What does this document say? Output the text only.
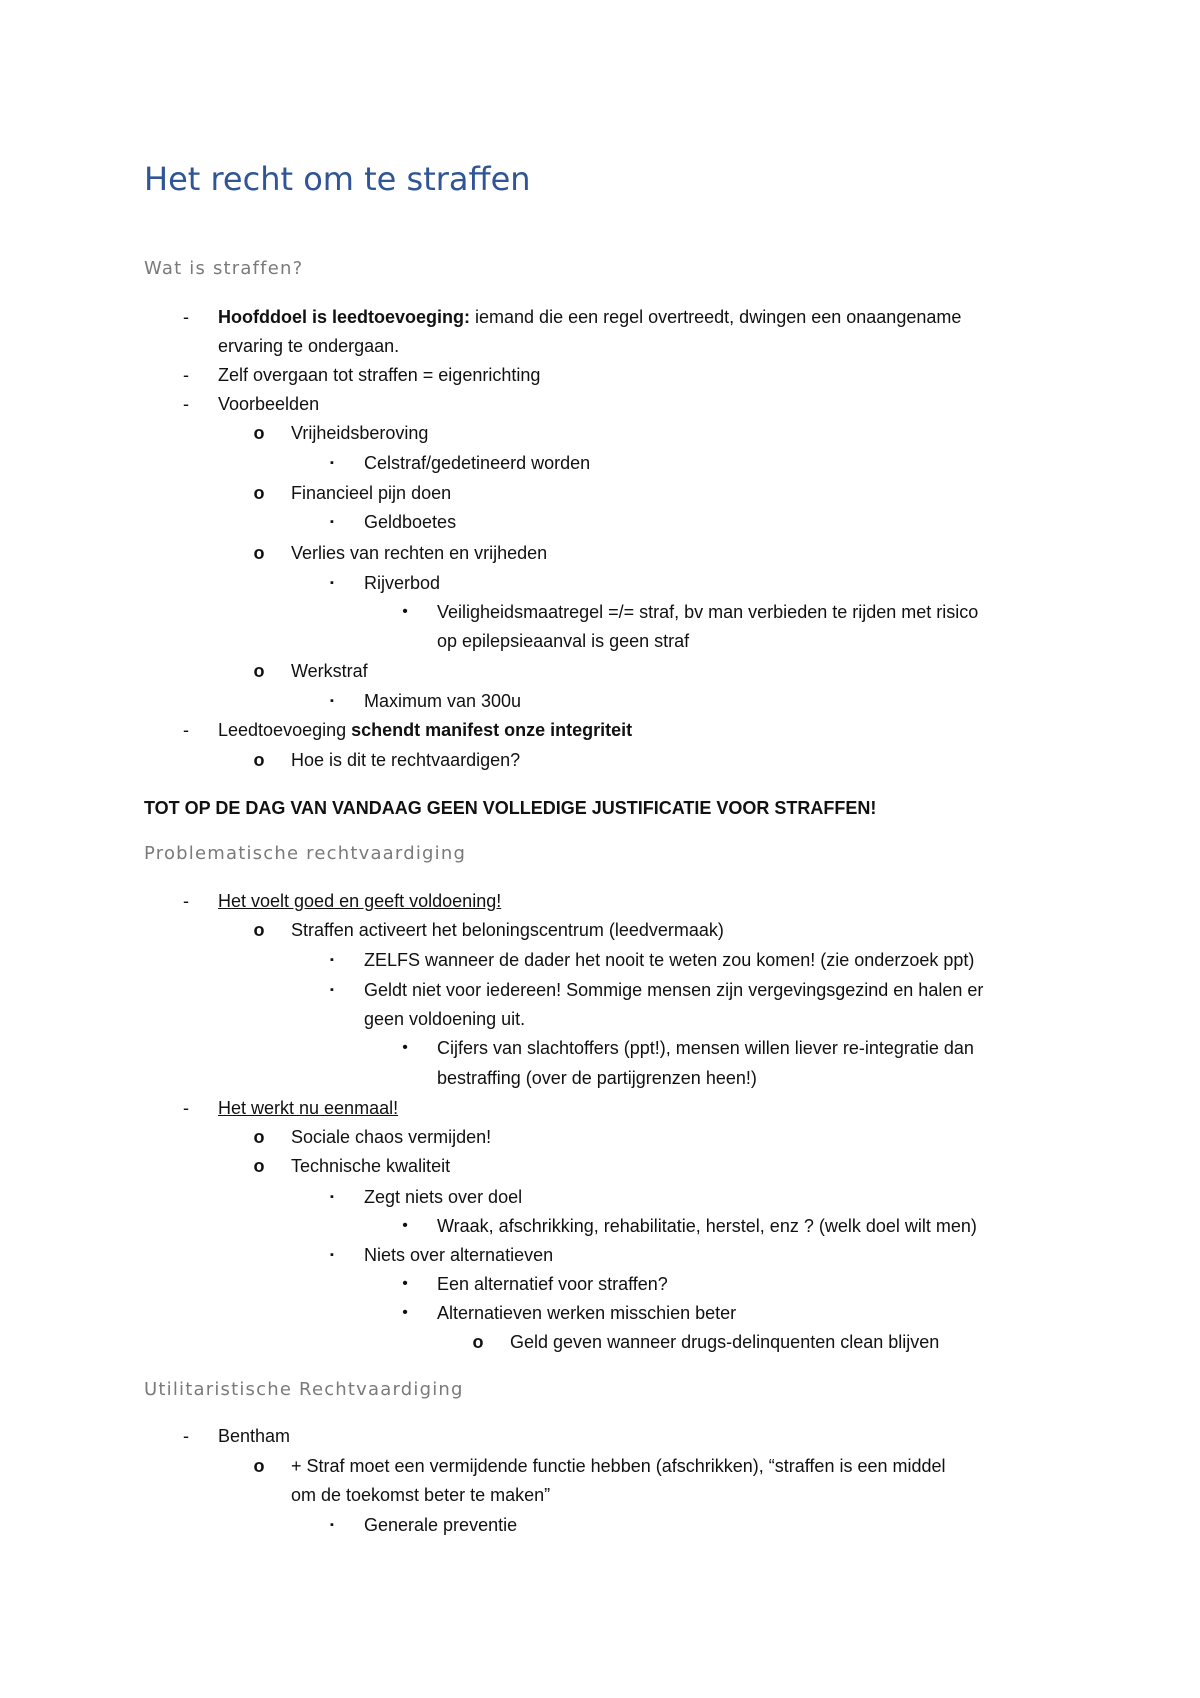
Het recht om te straffen
Wat is straffen?
-	Hoofddoel is leedtoevoeging: iemand die een regel overtreedt, dwingen een onaangename
ervaring te ondergaan.
-	Zelf overgaan tot straffen = eigenrichting
-	Voorbeelden
o Vrijheidsberoving
▪	Celstraf/gedetineerd worden
o Financieel pijn doen
▪	Geldboetes
o Verlies van rechten en vrijheden
▪	Rijverbod
•	Veiligheidsmaatregel =/= straf, bv man verbieden te rijden met risico
op epilepsieaanval is geen straf
o Werkstraf
▪	Maximum van 300u
-	Leedtoevoeging schendt manifest onze integriteit
o Hoe is dit te rechtvaardigen?
TOT OP DE DAG VAN VANDAAG GEEN VOLLEDIGE JUSTIFICATIE VOOR STRAFFEN!
Problematische rechtvaardiging
-	Het voelt goed en geeft voldoening!
o Straffen activeert het beloningscentrum (leedvermaak)
▪	ZELFS wanneer de dader het nooit te weten zou komen! (zie onderzoek ppt)
▪	Geldt niet voor iedereen! Sommige mensen zijn vergevingsgezind en halen er
geen voldoening uit.
•	Cijfers van slachtoffers (ppt!), mensen willen liever re-integratie dan
bestraffing (over de partijgrenzen heen!)
-	Het werkt nu eenmaal!
o Sociale chaos vermijden!
o Technische kwaliteit
▪	Zegt niets over doel
•	Wraak, afschrikking, rehabilitatie, herstel, enz ? (welk doel wilt men)
▪	Niets over alternatieven
•	Een alternatief voor straffen?
•	Alternatieven werken misschien beter
o Geld geven wanneer drugs-delinquenten clean blijven
Utilitaristische Rechtvaardiging
-	Bentham
o + Straf moet een vermijdende functie hebben (afschrikken), “straffen is een middel
om de toekomst beter te maken”
▪	Generale preventie
